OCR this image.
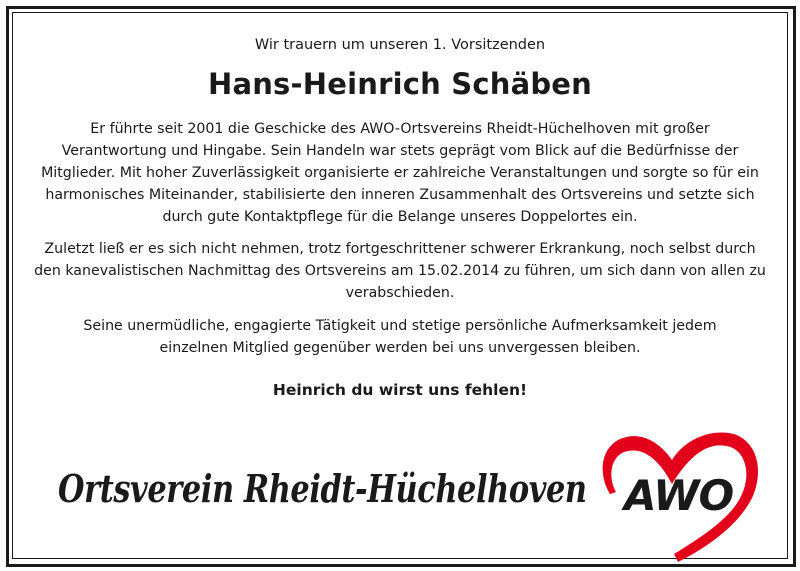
Wir trauern um unseren 1. Vorsitzenden

Hans-Heinrich Schäben

Er führte seit 2001 die Geschicke des AWO-Ortsvereins Rheidt-Hüchelhoven mit großer Verantwortung und Hingabe. Sein Handeln war stets geprägt vom Blick auf die Bedürfnisse der Mitglieder. Mit hoher Zuverlässigkeit organisierte er zahlreiche Veranstaltungen und sorgte so für ein harmonisches Miteinander, stabilisierte den inneren Zusammenhalt des Ortsvereins und setzte sich durch gute Kontaktpflege für die Belange unseres Doppelortes ein.

Zuletzt ließ er es sich nicht nehmen, trotz fortgeschrittener schwerer Erkrankung, noch selbst durch den kanevalistischen Nachmittag des Ortsvereins am 15.02.2014 zu führen, um sich dann von allen zu verabschieden.

Seine unermüdliche, engagierte Tätigkeit und stetige persönliche Aufmerksamkeit jedem einzelnen Mitglied gegenüber werden bei uns unvergessen bleiben.

Heinrich du wirst uns fehlen!

Ortsverein Rheidt-Hüchelhoven AWO
